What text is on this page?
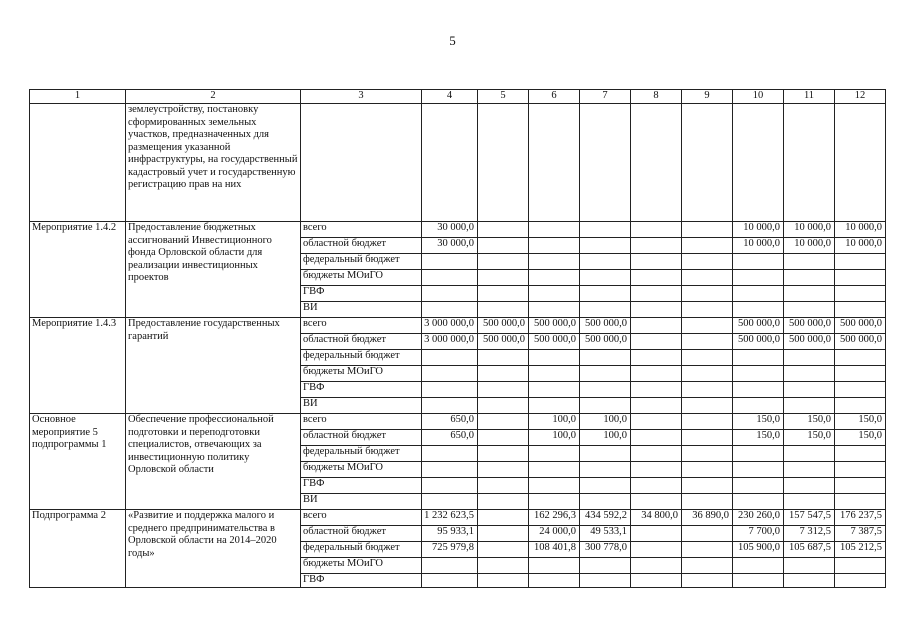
5
1	2	3	4	5	6	7	8	9	10	11	12
	землеустройству, постановку сформированных земельных участков, предназначенных для размещения указанной инфраструктуры, на государственный кадастровый учет и государственную регистрацию прав на них										
Мероприятие 1.4.2	Предоставление бюджетных ассигнований Инвестиционного фонда Орловской области для реализации инвестиционных проектов	всего	30 000,0						10 000,0	10 000,0	10 000,0
		областной бюджет	30 000,0						10 000,0	10 000,0	10 000,0
		федеральный бюджет									
		бюджеты МОиГО									
		ГВФ									
		ВИ									
Мероприятие 1.4.3	Предоставление государственных гарантий	всего	3 000 000,0	500 000,0	500 000,0	500 000,0			500 000,0	500 000,0	500 000,0
		областной бюджет	3 000 000,0	500 000,0	500 000,0	500 000,0			500 000,0	500 000,0	500 000,0
		федеральный бюджет									
		бюджеты МОиГО									
		ГВФ									
		ВИ									
Основное мероприятие 5 подпрограммы 1	Обеспечение профессиональной подготовки и переподготовки специалистов, отвечающих за инвестиционную политику Орловской области	всего	650,0		100,0	100,0			150,0	150,0	150,0
		областной бюджет	650,0		100,0	100,0			150,0	150,0	150,0
		федеральный бюджет									
		бюджеты МОиГО									
		ГВФ									
		ВИ									
Подпрограмма 2	«Развитие и поддержка малого и среднего предпринимательства в Орловской области на 2014–2020 годы»	всего	1 232 623,5		162 296,3	434 592,2	34 800,0	36 890,0	230 260,0	157 547,5	176 237,5
		областной бюджет	95 933,1		24 000,0	49 533,1			7 700,0	7 312,5	7 387,5
		федеральный бюджет	725 979,8		108 401,8	300 778,0			105 900,0	105 687,5	105 212,5
		бюджеты МОиГО									
		ГВФ									
